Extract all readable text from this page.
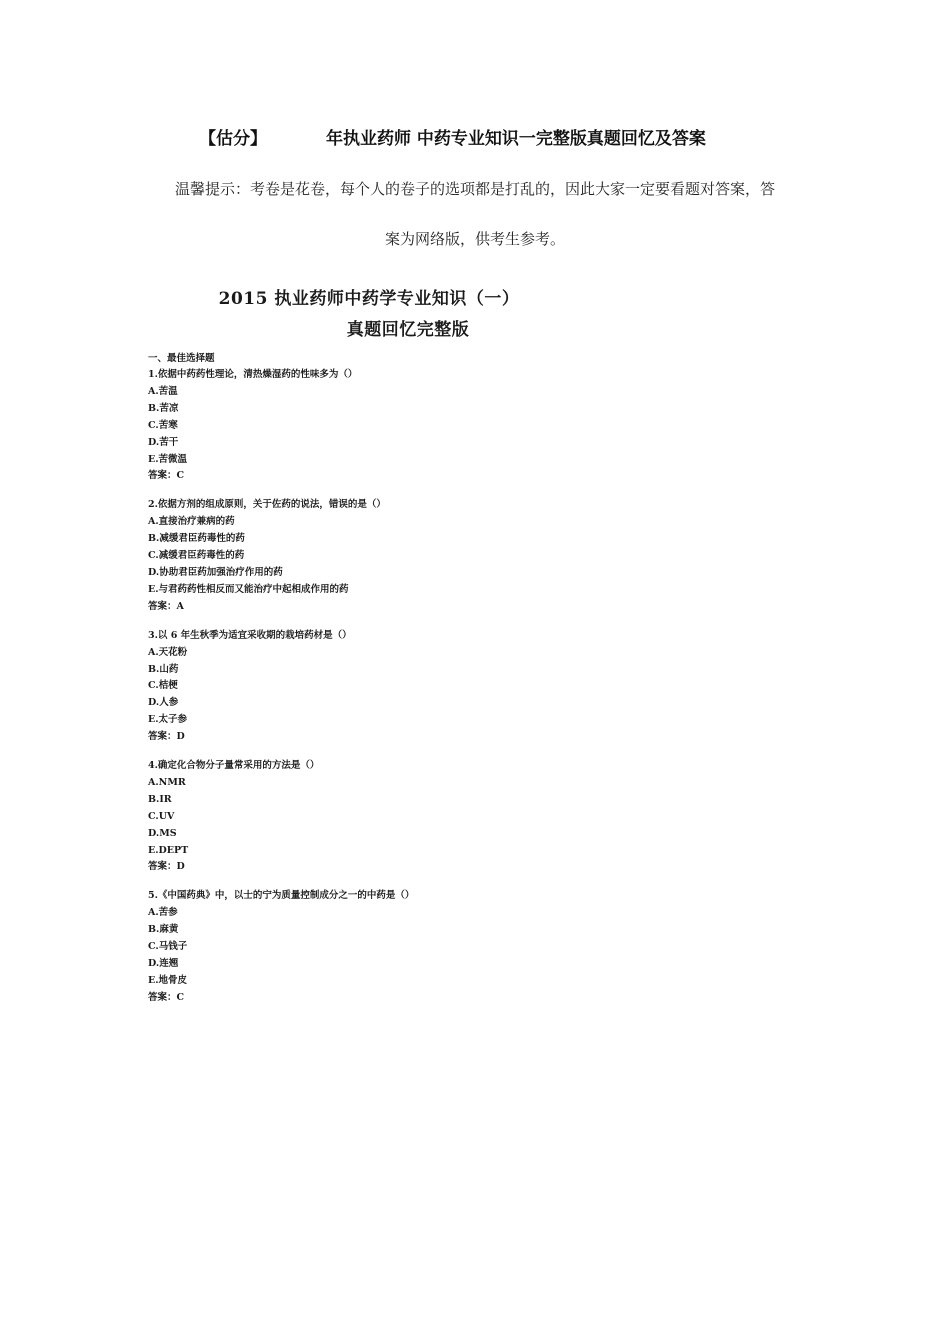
【估分】	年执业药师 中药专业知识一完整版真题回忆及答案
温馨提示：考卷是花卷，每个人的卷子的选项都是打乱的，因此大家一定要看题对答案，答
案为网络版，供考生参考。
2015 执业药师中药学专业知识（一）
真题回忆完整版
一、最佳选择题
1.依据中药药性理论，清热燥湿药的性味多为（）
A.苦温
B.苦凉
C.苦寒
D.苦干
E.苦微温
答案：C
2.依据方剂的组成原则，关于佐药的说法，错误的是（）
A.直接治疗兼病的药
B.减缓君臣药毒性的药
C.减缓君臣药毒性的药
D.协助君臣药加强治疗作用的药
E.与君药药性相反而又能治疗中起相成作用的药
答案：A
3.以 6 年生秋季为适宜采收期的栽培药材是（）
A.天花粉
B.山药
C.桔梗
D.人参
E.太子参
答案：D
4.确定化合物分子量常采用的方法是（）
A.NMR
B.IR
C.UV
D.MS
E.DEPT
答案：D
5.《中国药典》中，以士的宁为质量控制成分之一的中药是（）
A.苦参
B.麻黄
C.马钱子
D.连翘
E.地骨皮
答案：C
